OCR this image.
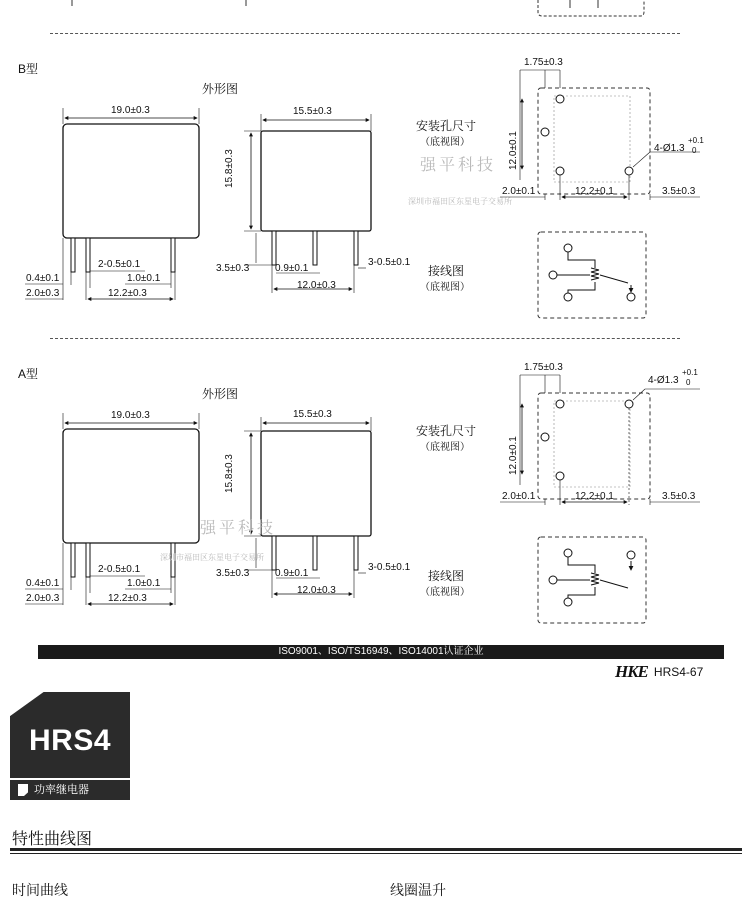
B型
外形图
19.0±0.3	15.5±0.3
15.8±0.3
2-0.5±0.1
1.0±0.1
0.4±0.1
2.0±0.3	12.2±0.3
3.5±0.3	0.9±0.1
12.0±0.3
3-0.5±0.1
安装孔尺寸
（底视图）
1.75±0.3
12.0±0.1	4-Ø1.3
+0.1
0
2.0±0.1	12.2±0.1	3.5±0.3
接线图
（底视图）
强平科技
深圳市福田区东星电子交易所
A型
外形图
19.0±0.3	15.5±0.3
15.8±0.3
2-0.5±0.1
1.0±0.1
0.4±0.1
2.0±0.3	12.2±0.3
3.5±0.3	0.9±0.1
12.0±0.3
3-0.5±0.1
安装孔尺寸
（底视图）
1.75±0.3
12.0±0.1
4-Ø1.3
+0.1
0
2.0±0.1	12.2±0.1	3.5±0.3
接线图
（底视图）
强平科技
深圳市福田区东星电子交易所
ISO9001、ISO/TS16949、ISO14001认证企业
HKE HRS4-67
HRS4
功率继电器
特性曲线图
时间曲线	线圈温升
